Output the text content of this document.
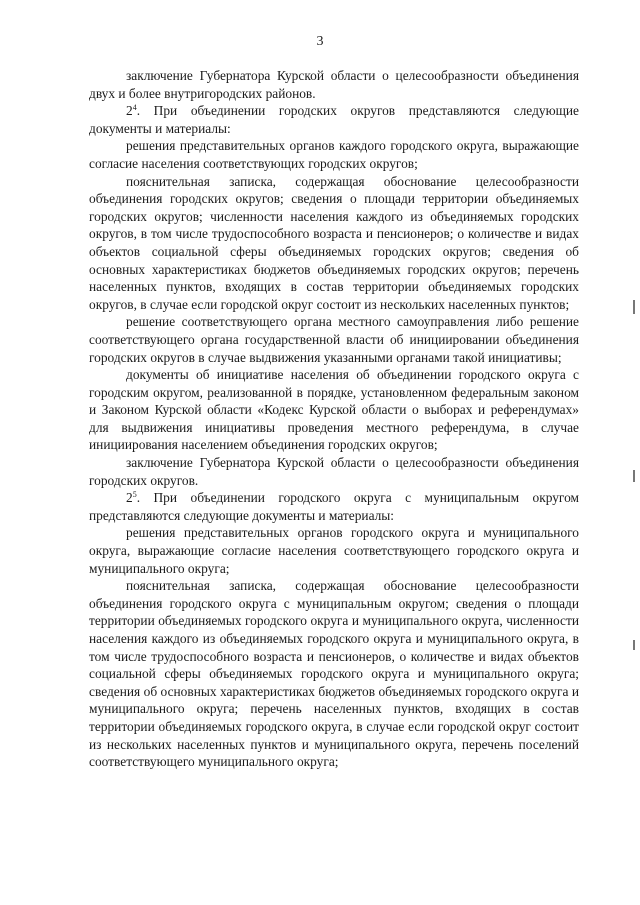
3

заключение Губернатора Курской области о целесообразности объединения двух и более внутригородских районов.

$2^4$. При объединении городских округов представляются следующие документы и материалы:

решения представительных органов каждого городского округа, выражающие согласие населения соответствующих городских округов;

пояснительная записка, содержащая обоснование целесообразности объединения городских округов; сведения о площади территории объединяемых городских округов; численности населения каждого из объединяемых городских округов, в том числе трудоспособного возраста и пенсионеров; о количестве и видах объектов социальной сферы объединяемых городских округов; сведения об основных характеристиках бюджетов объединяемых городских округов; перечень населенных пунктов, входящих в состав территории объединяемых городских округов, в случае если городской округ состоит из нескольких населенных пунктов;

решение соответствующего органа местного самоуправления либо решение соответствующего органа государственной власти об инициировании объединения городских округов в случае выдвижения указанными органами такой инициативы;

документы об инициативе населения об объединении городского округа с городским округом, реализованной в порядке, установленном федеральным законом и Законом Курской области «Кодекс Курской области о выборах и референдумах» для выдвижения инициативы проведения местного референдума, в случае инициирования населением объединения городских округов;

заключение Губернатора Курской области о целесообразности объединения городских округов.

$2^5$. При объединении городского округа с муниципальным округом представляются следующие документы и материалы:

решения представительных органов городского округа и муниципального округа, выражающие согласие населения соответствующего городского округа и муниципального округа;

пояснительная записка, содержащая обоснование целесообразности объединения городского округа с муниципальным округом; сведения о площади территории объединяемых городского округа и муниципального округа, численности населения каждого из объединяемых городского округа и муниципального округа, в том числе трудоспособного возраста и пенсионеров, о количестве и видах объектов социальной сферы объединяемых городского округа и муниципального округа; сведения об основных характеристиках бюджетов объединяемых городского округа и муниципального округа; перечень населенных пунктов, входящих в состав территории объединяемых городского округа, в случае если городской округ состоит из нескольких населенных пунктов и муниципального округа, перечень поселений соответствующего муниципального округа;
